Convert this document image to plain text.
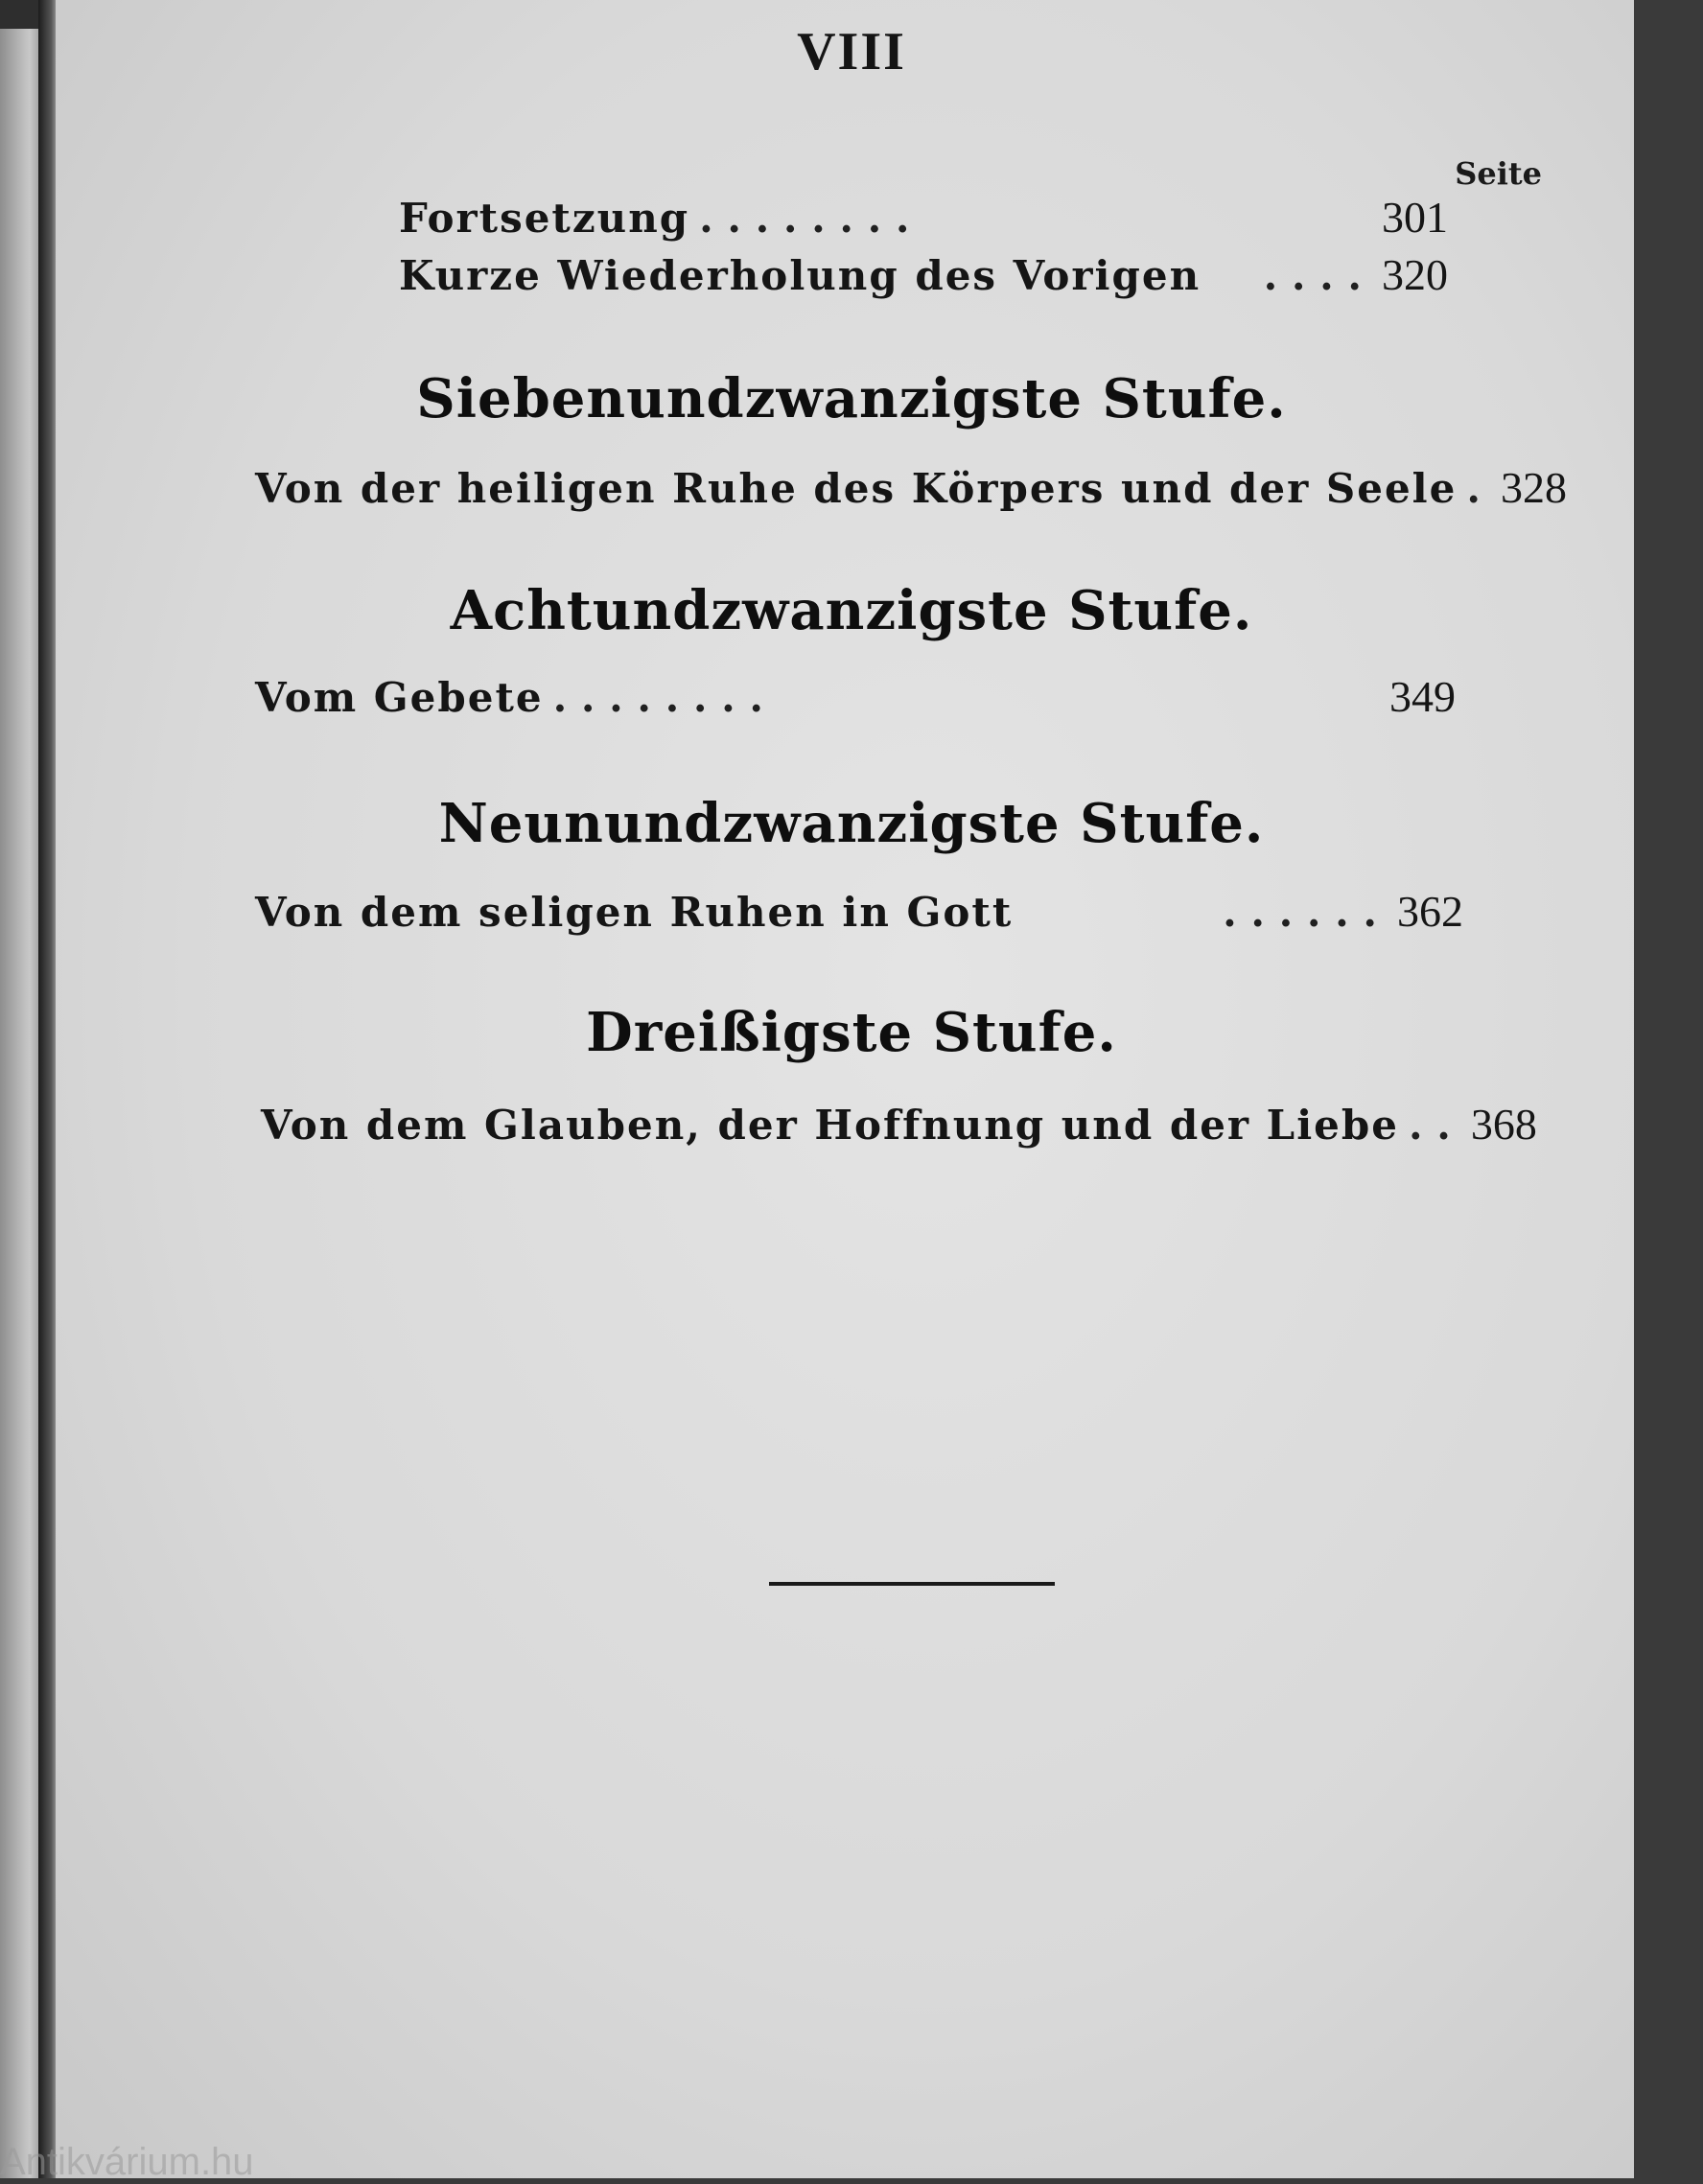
VIII
Seite
Fortsetzung . . . . . . . .	301
Kurze Wiederholung des Vorigen	. . . . 320
Siebenundzwanzigste Stufe.
Von der heiligen Ruhe des Körpers und der Seele . 328
Achtundzwanzigste Stufe.
Vom Gebete . . . . . . . .	349
Neunundzwanzigste Stufe.
Von dem seligen Ruhen in Gott	. . . . . . 362
Dreißigste Stufe.
Von dem Glauben, der Hoffnung und der Liebe . . 368
Antikvárium.hu
